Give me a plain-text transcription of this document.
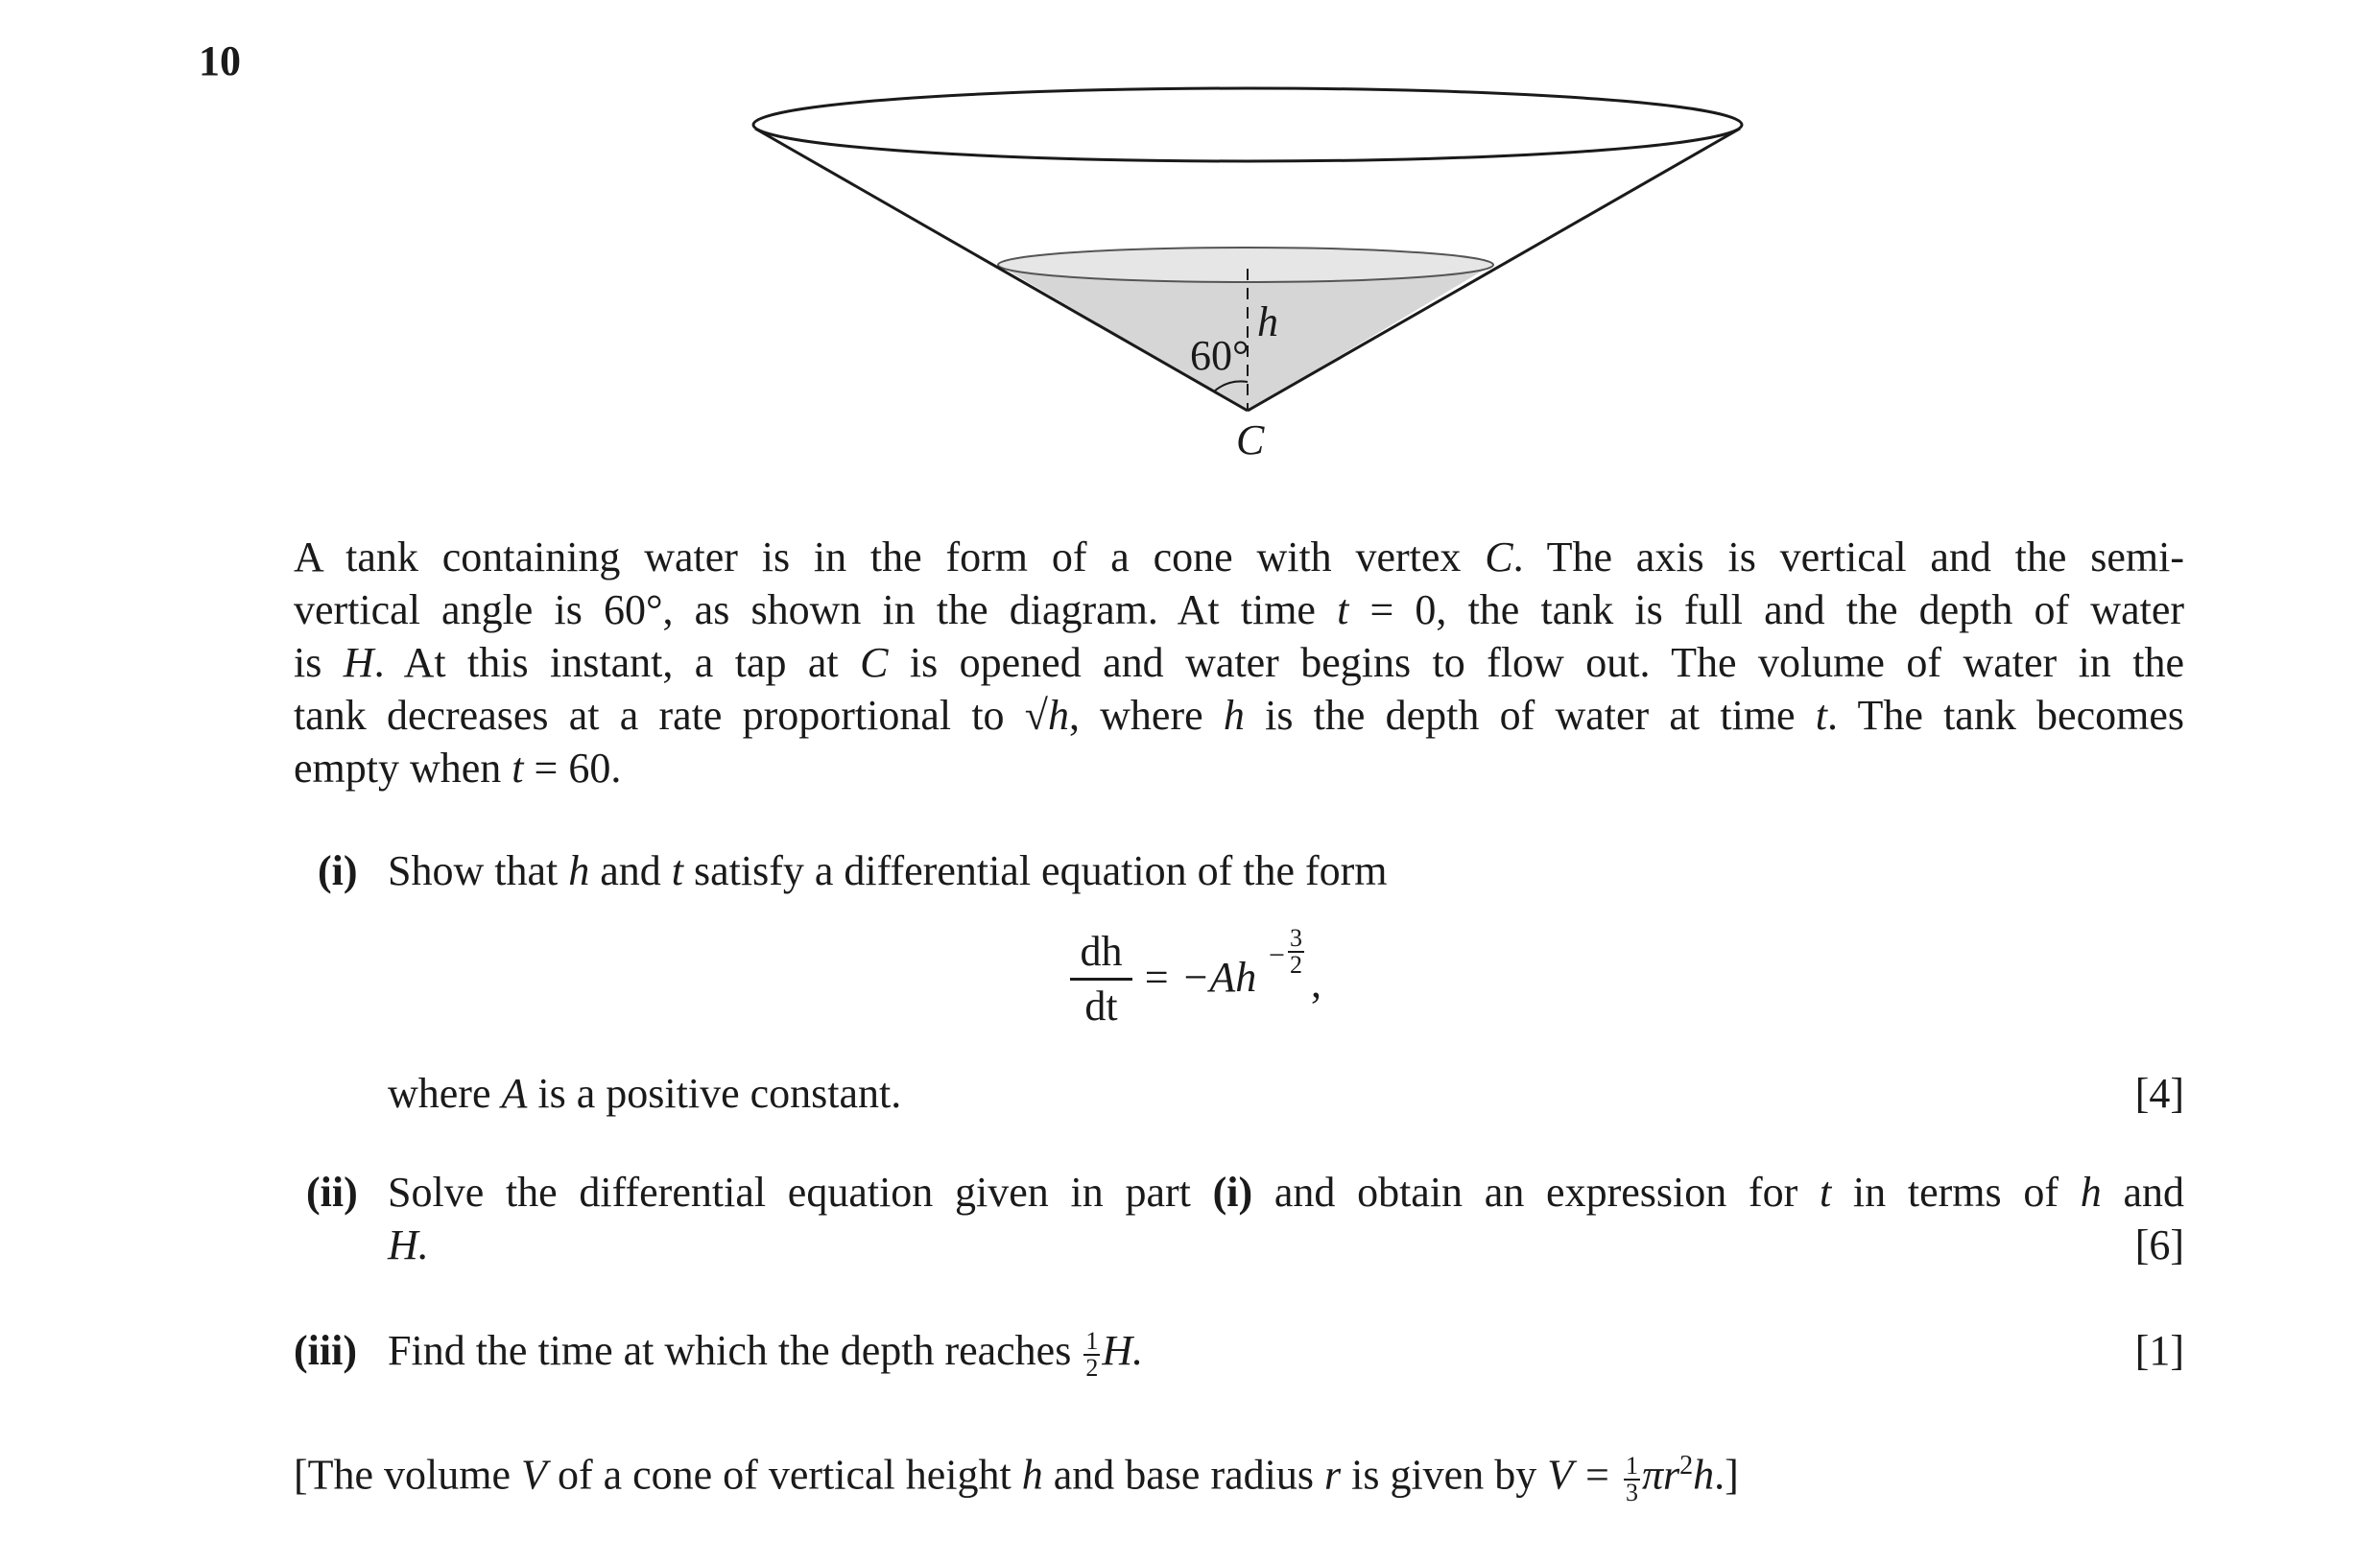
10
60°
h
C
A tank containing water is in the form of a cone with vertex C. The axis is vertical and the semi-
vertical angle is 60°, as shown in the diagram. At time t = 0, the tank is full and the depth of water
is H. At this instant, a tap at C is opened and water begins to flow out. The volume of water in the
tank decreases at a rate proportional to √h, where h is the depth of water at time t. The tank becomes
empty when t = 60.
(i) Show that h and t satisfy a differential equation of the form
dh
dt
= $-Ah - \frac{3}{2}$
,
where A is a positive constant.	[4]
(ii) Solve the differential equation given in part (i) and obtain an expression for t in terms of h and
H.	[6]
(iii) Find the time at which the depth reaches $\frac{1}{2} H$.	[1]
[The volume V of a cone of vertical height h and base radius r is given by $V = \frac{1}{3} \pi r^2h$.]
